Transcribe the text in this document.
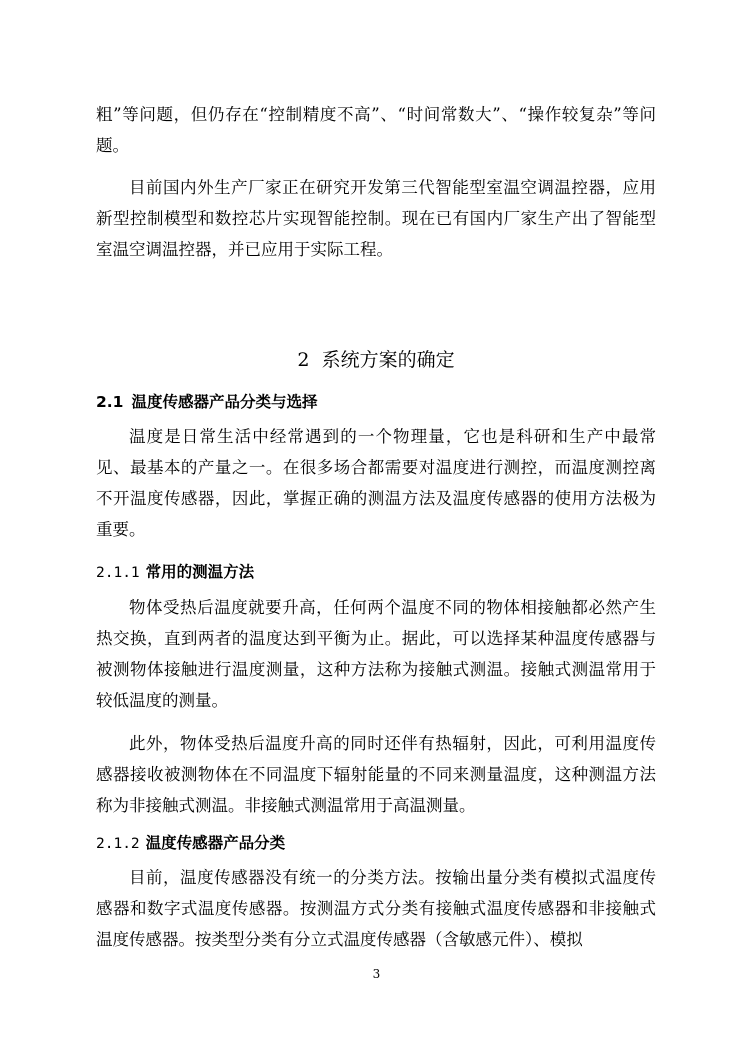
粗”等问题，但仍存在“控制精度不高”、“时间常数大”、“操作较复杂”等问题。

目前国内外生产厂家正在研究开发第三代智能型室温空调温控器，应用新型控制模型和数控芯片实现智能控制。现在已有国内厂家生产出了智能型室温空调温控器，并已应用于实际工程。

2 系统方案的确定
2.1 温度传感器产品分类与选择

温度是日常生活中经常遇到的一个物理量，它也是科研和生产中最常见、最基本的产量之一。在很多场合都需要对温度进行测控，而温度测控离不开温度传感器，因此，掌握正确的测温方法及温度传感器的使用方法极为重要。

2.1.1 常用的测温方法

物体受热后温度就要升高，任何两个温度不同的物体相接触都必然产生热交换，直到两者的温度达到平衡为止。据此，可以选择某种温度传感器与被测物体接触进行温度测量，这种方法称为接触式测温。接触式测温常用于较低温度的测量。

此外，物体受热后温度升高的同时还伴有热辐射，因此，可利用温度传感器接收被测物体在不同温度下辐射能量的不同来测量温度，这种测温方法称为非接触式测温。非接触式测温常用于高温测量。

2.1.2 温度传感器产品分类

目前，温度传感器没有统一的分类方法。按输出量分类有模拟式温度传感器和数字式温度传感器。按测温方式分类有接触式温度传感器和非接触式温度传感器。按类型分类有分立式温度传感器（含敏感元件）、模拟

3
